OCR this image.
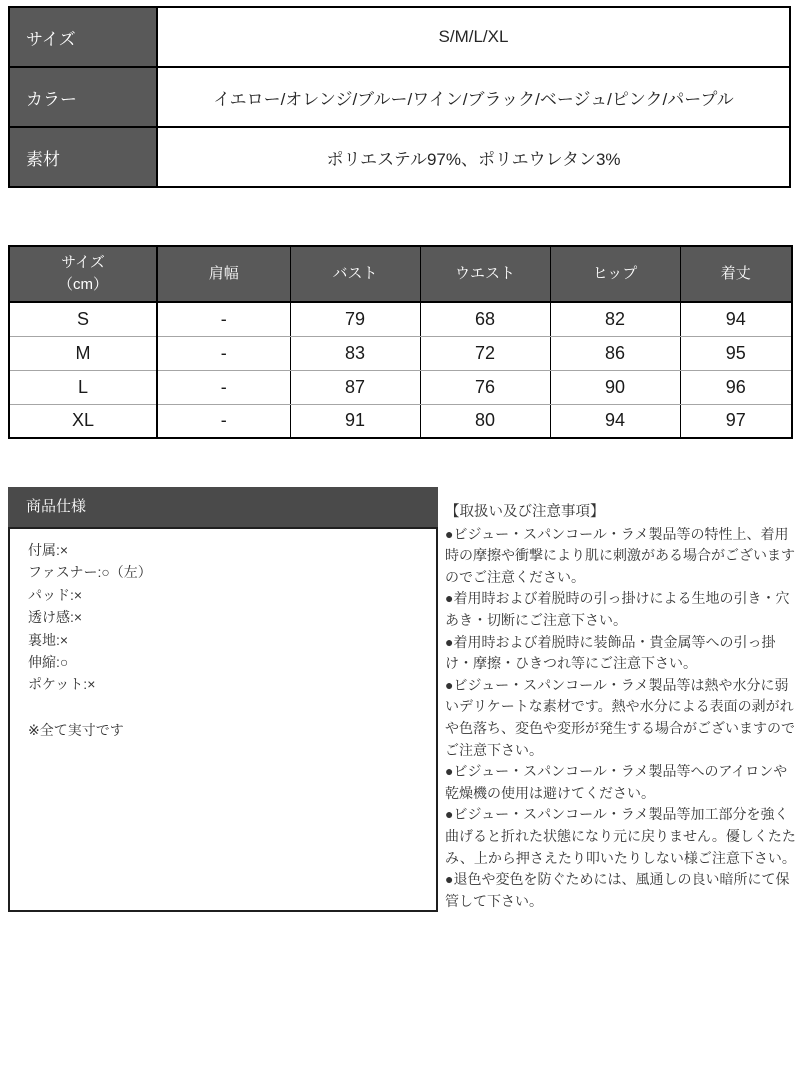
サイズ	S/M/L/XL
カラー	イエロー/オレンジ/ブルー/ワイン/ブラック/ベージュ/ピンク/パープル
素材	ポリエステル97%、ポリエウレタン3%
サイズ
（cm）	肩幅	バスト	ウエスト	ヒップ	着丈
S	-	79	68	82	94
M	-	83	72	86	95
L	-	87	76	90	96
XL	-	91	80	94	97
商品仕様
付属:×
ファスナー:○（左）
パッド:×
透け感:×
裏地:×
伸縮:○
ポケット:×
※全て実寸です
【取扱い及び注意事項】
●ビジュー・スパンコール・ラメ製品等の特性上、着用時の摩擦や衝撃により肌に刺激がある場合がございますのでご注意ください。
●着用時および着脱時の引っ掛けによる生地の引き・穴あき・切断にご注意下さい。
●着用時および着脱時に装飾品・貴金属等への引っ掛け・摩擦・ひきつれ等にご注意下さい。
●ビジュー・スパンコール・ラメ製品等は熱や水分に弱いデリケートな素材です。熱や水分による表面の剥がれや色落ち、変色や変形が発生する場合がございますのでご注意下さい。
●ビジュー・スパンコール・ラメ製品等へのアイロンや乾燥機の使用は避けてください。
●ビジュー・スパンコール・ラメ製品等加工部分を強く曲げると折れた状態になり元に戻りません。優しくたたみ、上から押さえたり叩いたりしない様ご注意下さい。
●退色や変色を防ぐためには、風通しの良い暗所にて保管して下さい。
